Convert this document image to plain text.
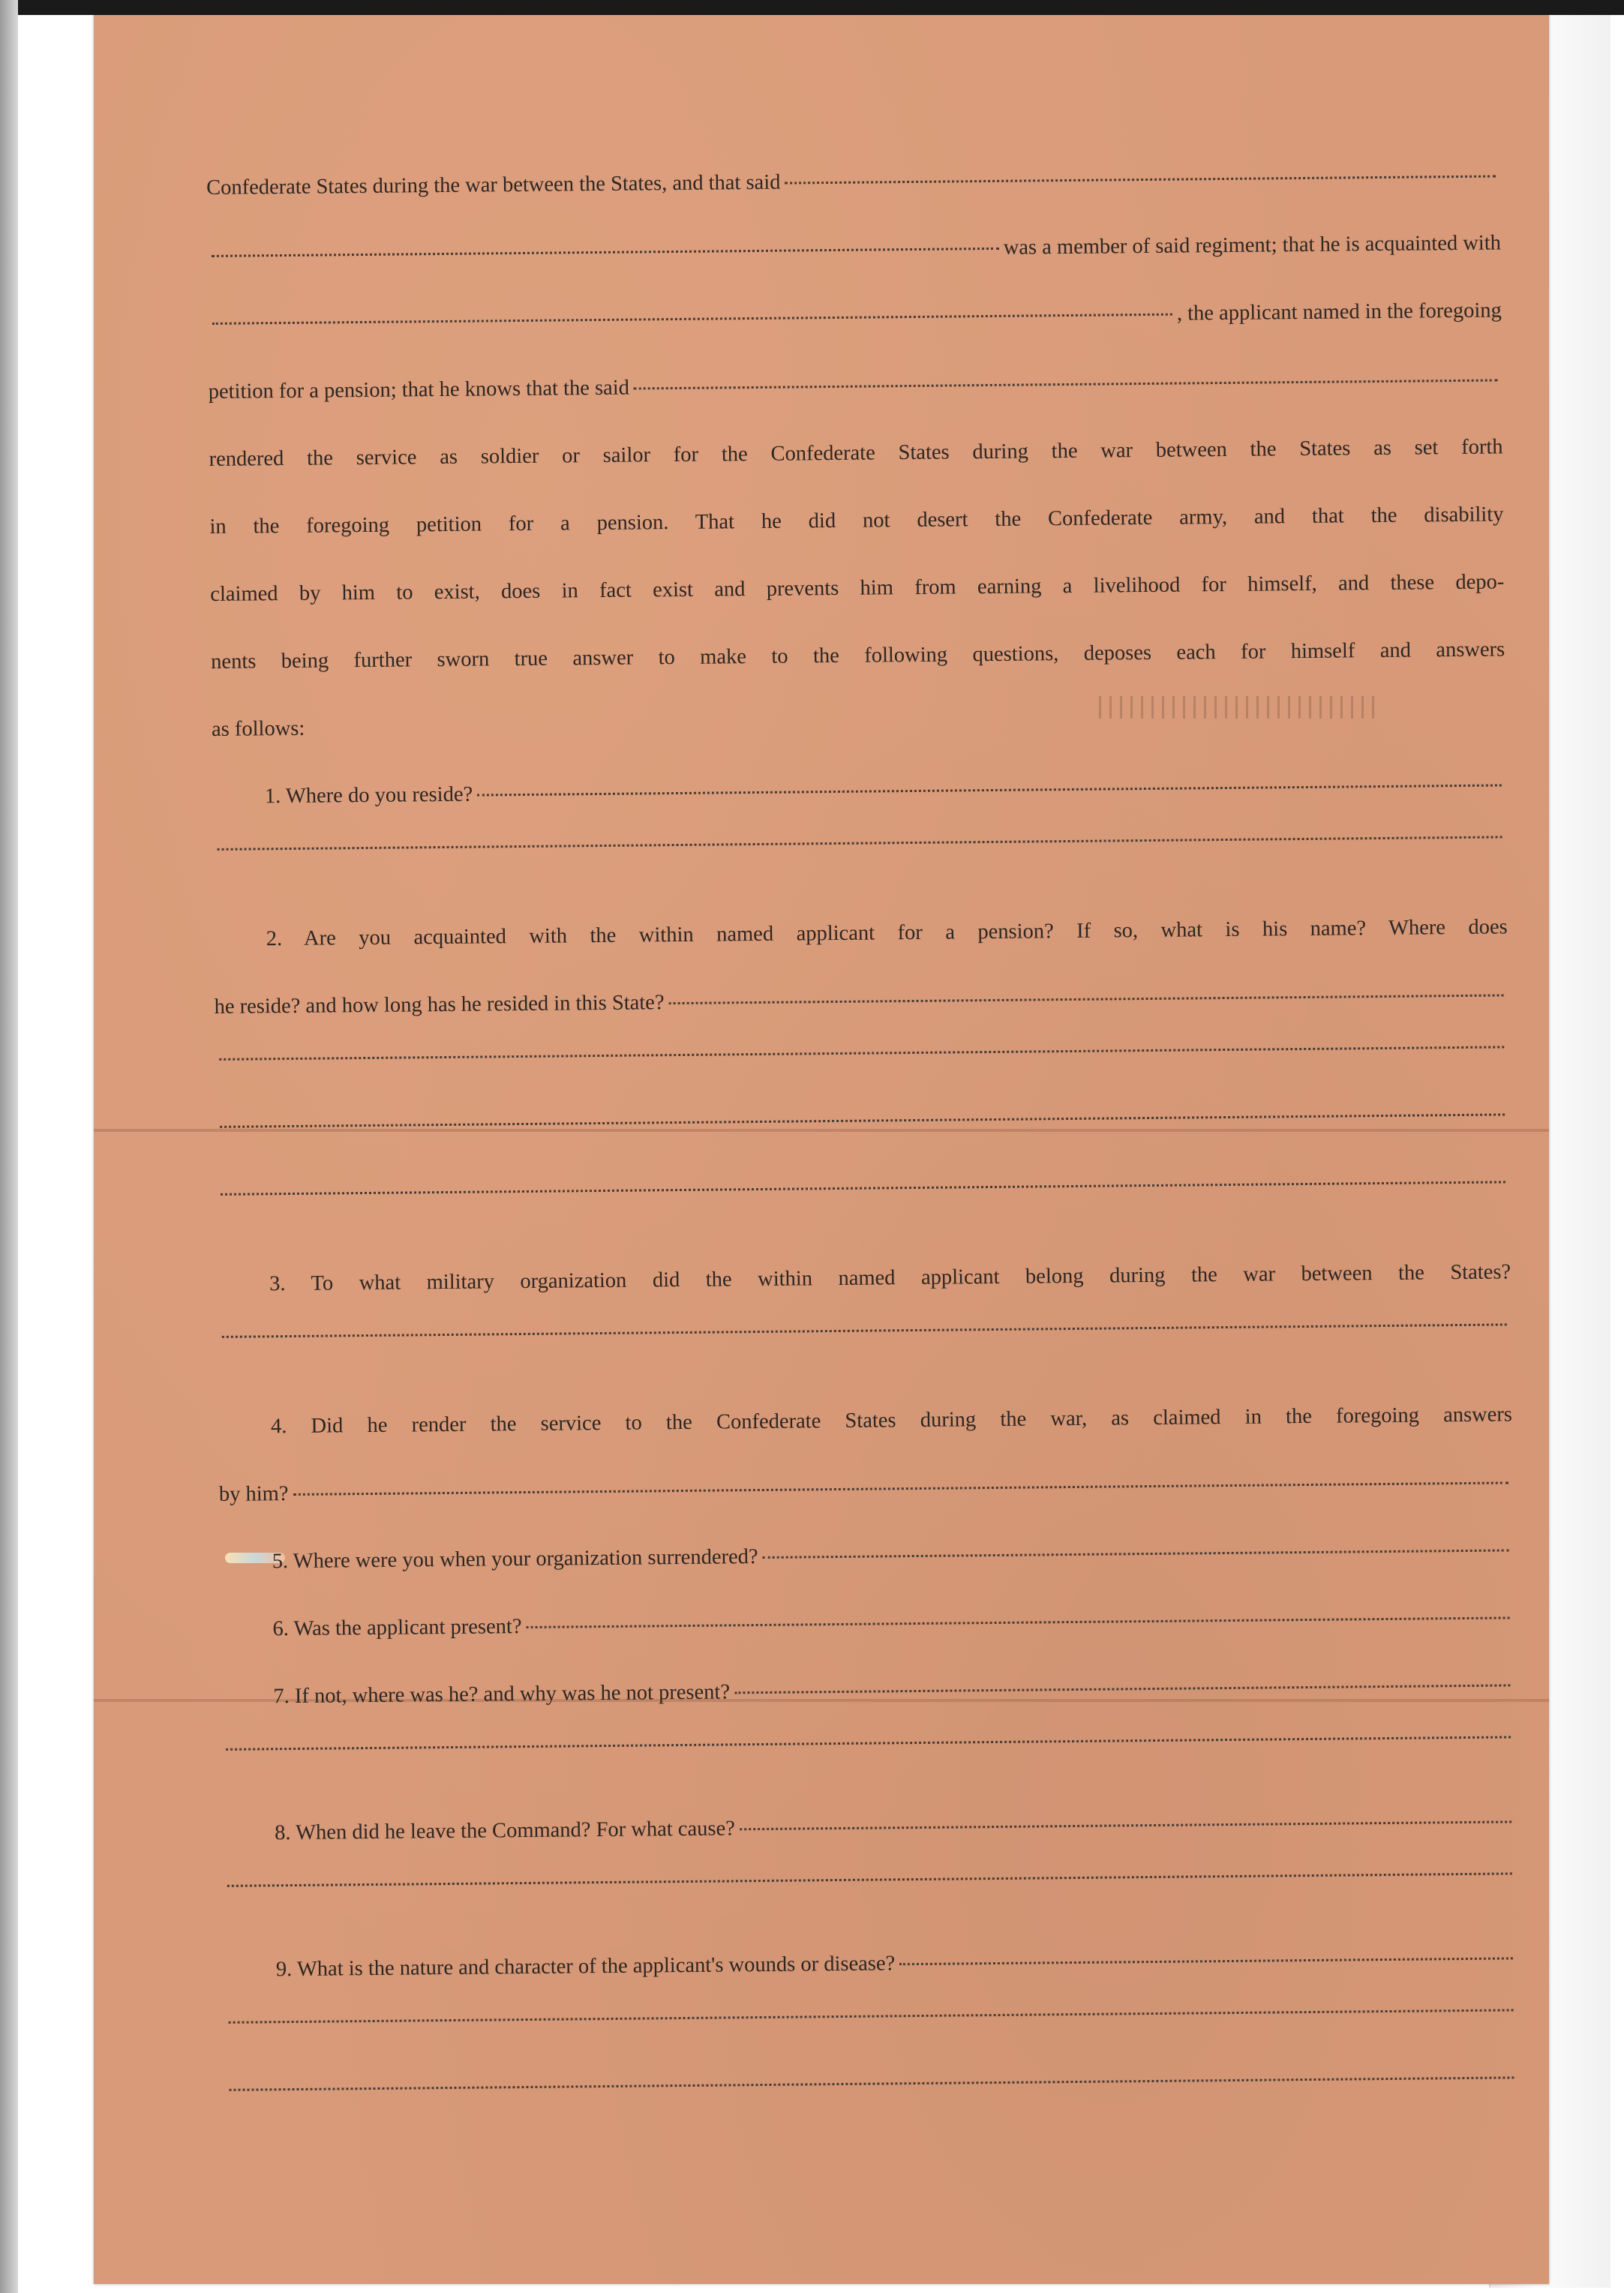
Confederate States during the war between the States, and that said
was a member of said regiment; that he is acquainted with
, the applicant named in the foregoing
petition for a pension; that he knows that the said
rendered the service as soldier or sailor for the Confederate States during the war between the States as set forth
in the foregoing petition for a pension. That he did not desert the Confederate army, and that the disability
claimed by him to exist, does in fact exist and prevents him from earning a livelihood for himself, and these depo-
nents being further sworn true answer to make to the following questions, deposes each for himself and answers
as follows:
1. Where do you reside?
2. Are you acquainted with the within named applicant for a pension? If so, what is his name? Where does
he reside? and how long has he resided in this State?
3. To what military organization did the within named applicant belong during the war between the States?
4. Did he render the service to the Confederate States during the war, as claimed in the foregoing answers
by him?
5. Where were you when your organization surrendered?
6. Was the applicant present?
7. If not, where was he? and why was he not present?
8. When did he leave the Command? For what cause?
9. What is the nature and character of the applicant's wounds or disease?
